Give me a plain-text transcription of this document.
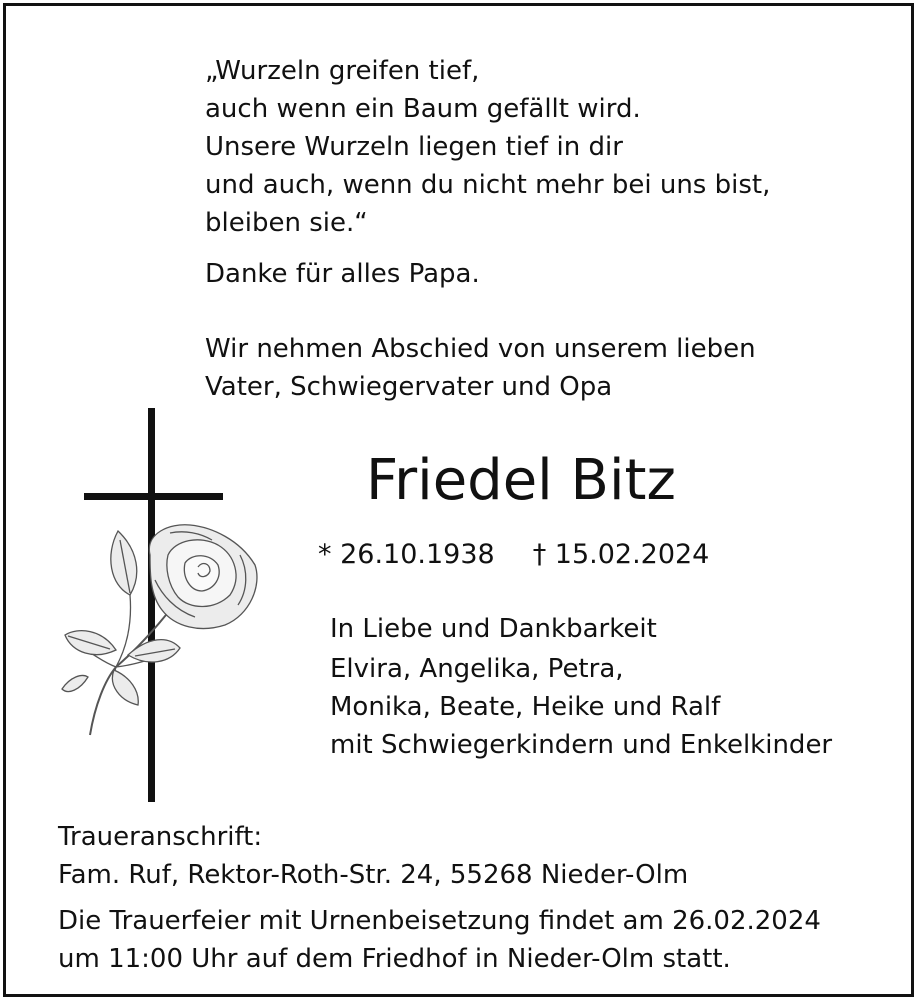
„Wurzeln greifen tief,
auch wenn ein Baum gefällt wird.
Unsere Wurzeln liegen tief in dir
und auch, wenn du nicht mehr bei uns bist,
bleiben sie.“
Danke für alles Papa.
Wir nehmen Abschied von unserem lieben
Vater, Schwiegervater und Opa
Friedel Bitz
* 26.10.1938 † 15.02.2024
In Liebe und Dankbarkeit
Elvira, Angelika, Petra,
Monika, Beate, Heike und Ralf
mit Schwiegerkindern und Enkelkinder
Traueranschrift:
Fam. Ruf, Rektor-Roth-Str. 24, 55268 Nieder-Olm
Die Trauerfeier mit Urnenbeisetzung findet am 26.02.2024
um 11:00 Uhr auf dem Friedhof in Nieder-Olm statt.
